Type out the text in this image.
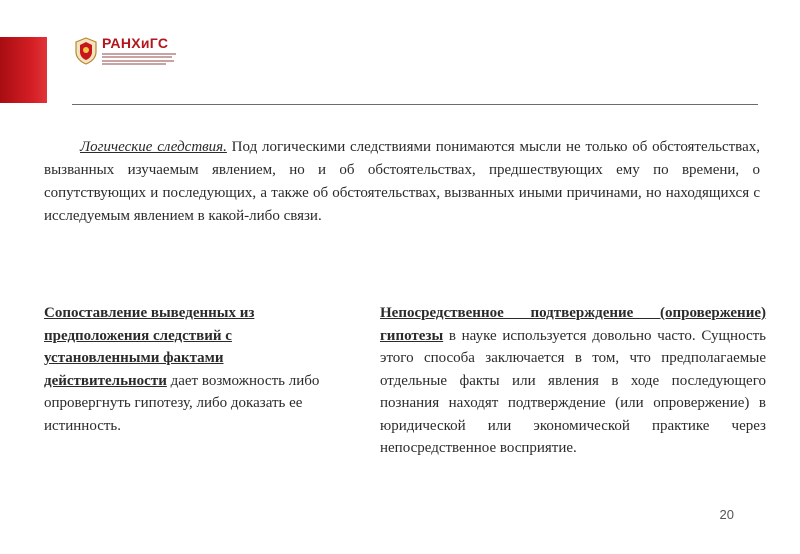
РАНХиГС

Логические следствия. Под логическими следствиями понимаются мысли не только об обстоятельствах, вызванных изучаемым явлением, но и об обстоятельствах, предшествующих ему по времени, о сопутствующих и последующих, а также об обстоятельствах, вызванных иными причинами, но находящихся с исследуемым явлением в какой-либо связи.

Сопоставление выведенных из предположения следствий с установленными фактами действительности дает возможность либо опровергнуть гипотезу, либо доказать ее истинность.

Непосредственное подтверждение (опровержение) гипотезы в науке используется довольно часто. Сущность этого способа заключается в том, что предполагаемые отдельные факты или явления в ходе последующего познания находят подтверждение (или опровержение) в юридической или экономической практике через непосредственное восприятие.

20
